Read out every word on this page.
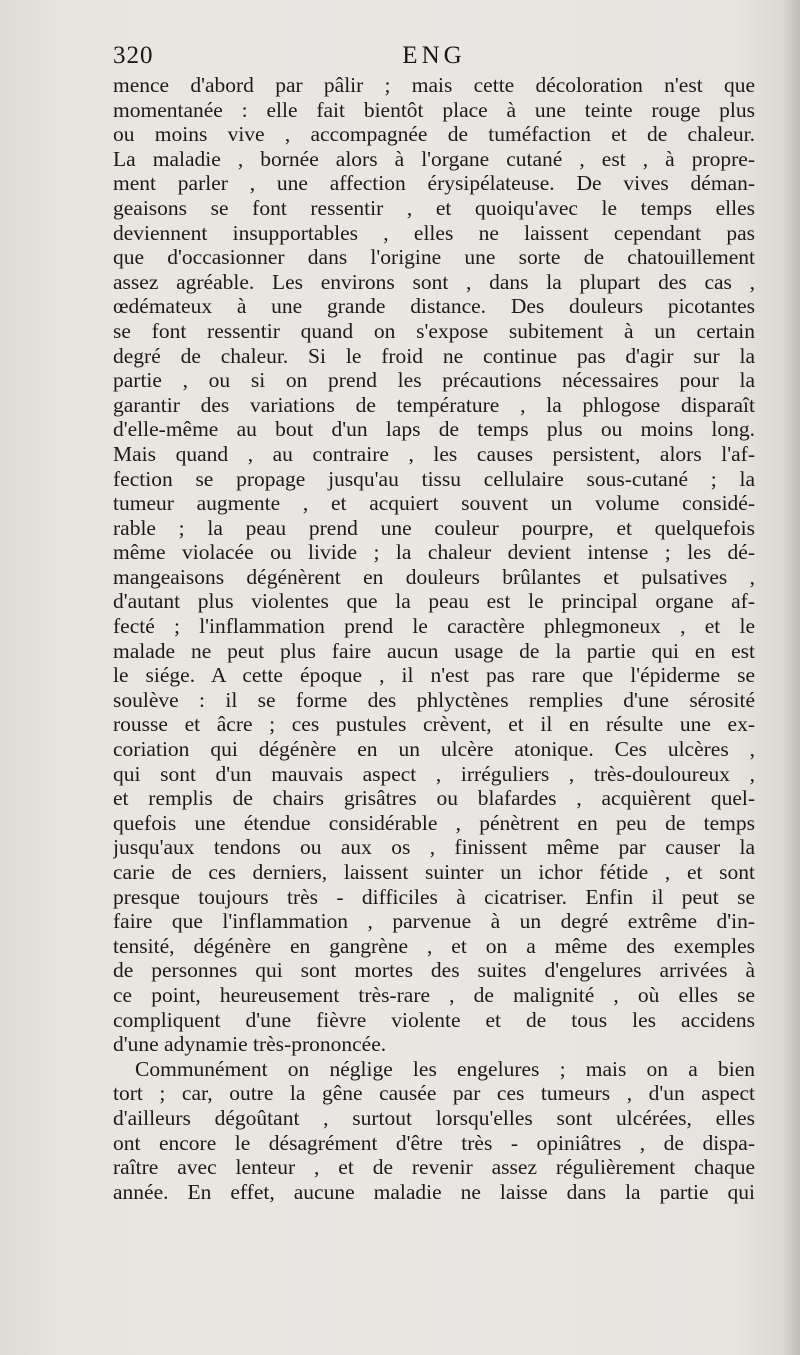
320	ENG
mence d'abord par pâlir ; mais cette décoloration n'est que
momentanée : elle fait bientôt place à une teinte rouge plus
ou moins vive , accompagnée de tuméfaction et de chaleur.
La maladie , bornée alors à l'organe cutané , est , à propre-
ment parler , une affection érysipélateuse. De vives déman-
geaisons se font ressentir , et quoiqu'avec le temps elles
deviennent insupportables , elles ne laissent cependant pas
que d'occasionner dans l'origine une sorte de chatouillement
assez agréable. Les environs sont , dans la plupart des cas ,
œdémateux à une grande distance. Des douleurs picotantes
se font ressentir quand on s'expose subitement à un certain
degré de chaleur. Si le froid ne continue pas d'agir sur la
partie , ou si on prend les précautions nécessaires pour la
garantir des variations de température , la phlogose disparaît
d'elle-même au bout d'un laps de temps plus ou moins long.
Mais quand , au contraire , les causes persistent, alors l'af-
fection se propage jusqu'au tissu cellulaire sous-cutané ; la
tumeur augmente , et acquiert souvent un volume considé-
rable ; la peau prend une couleur pourpre, et quelquefois
même violacée ou livide ; la chaleur devient intense ; les dé-
mangeaisons dégénèrent en douleurs brûlantes et pulsatives ,
d'autant plus violentes que la peau est le principal organe af-
fecté ; l'inflammation prend le caractère phlegmoneux , et le
malade ne peut plus faire aucun usage de la partie qui en est
le siége. A cette époque , il n'est pas rare que l'épiderme se
soulève : il se forme des phlyctènes remplies d'une sérosité
rousse et âcre ; ces pustules crèvent, et il en résulte une ex-
coriation qui dégénère en un ulcère atonique. Ces ulcères ,
qui sont d'un mauvais aspect , irréguliers , très-douloureux ,
et remplis de chairs grisâtres ou blafardes , acquièrent quel-
quefois une étendue considérable , pénètrent en peu de temps
jusqu'aux tendons ou aux os , finissent même par causer la
carie de ces derniers, laissent suinter un ichor fétide , et sont
presque toujours très - difficiles à cicatriser. Enfin il peut se
faire que l'inflammation , parvenue à un degré extrême d'in-
tensité, dégénère en gangrène , et on a même des exemples
de personnes qui sont mortes des suites d'engelures arrivées à
ce point, heureusement très-rare , de malignité , où elles se
compliquent d'une fièvre violente et de tous les accidens
d'une adynamie très-prononcée.
Communément on néglige les engelures ; mais on a bien
tort ; car, outre la gêne causée par ces tumeurs , d'un aspect
d'ailleurs dégoûtant , surtout lorsqu'elles sont ulcérées, elles
ont encore le désagrément d'être très - opiniâtres , de dispa-
raître avec lenteur , et de revenir assez régulièrement chaque
année. En effet, aucune maladie ne laisse dans la partie qui
